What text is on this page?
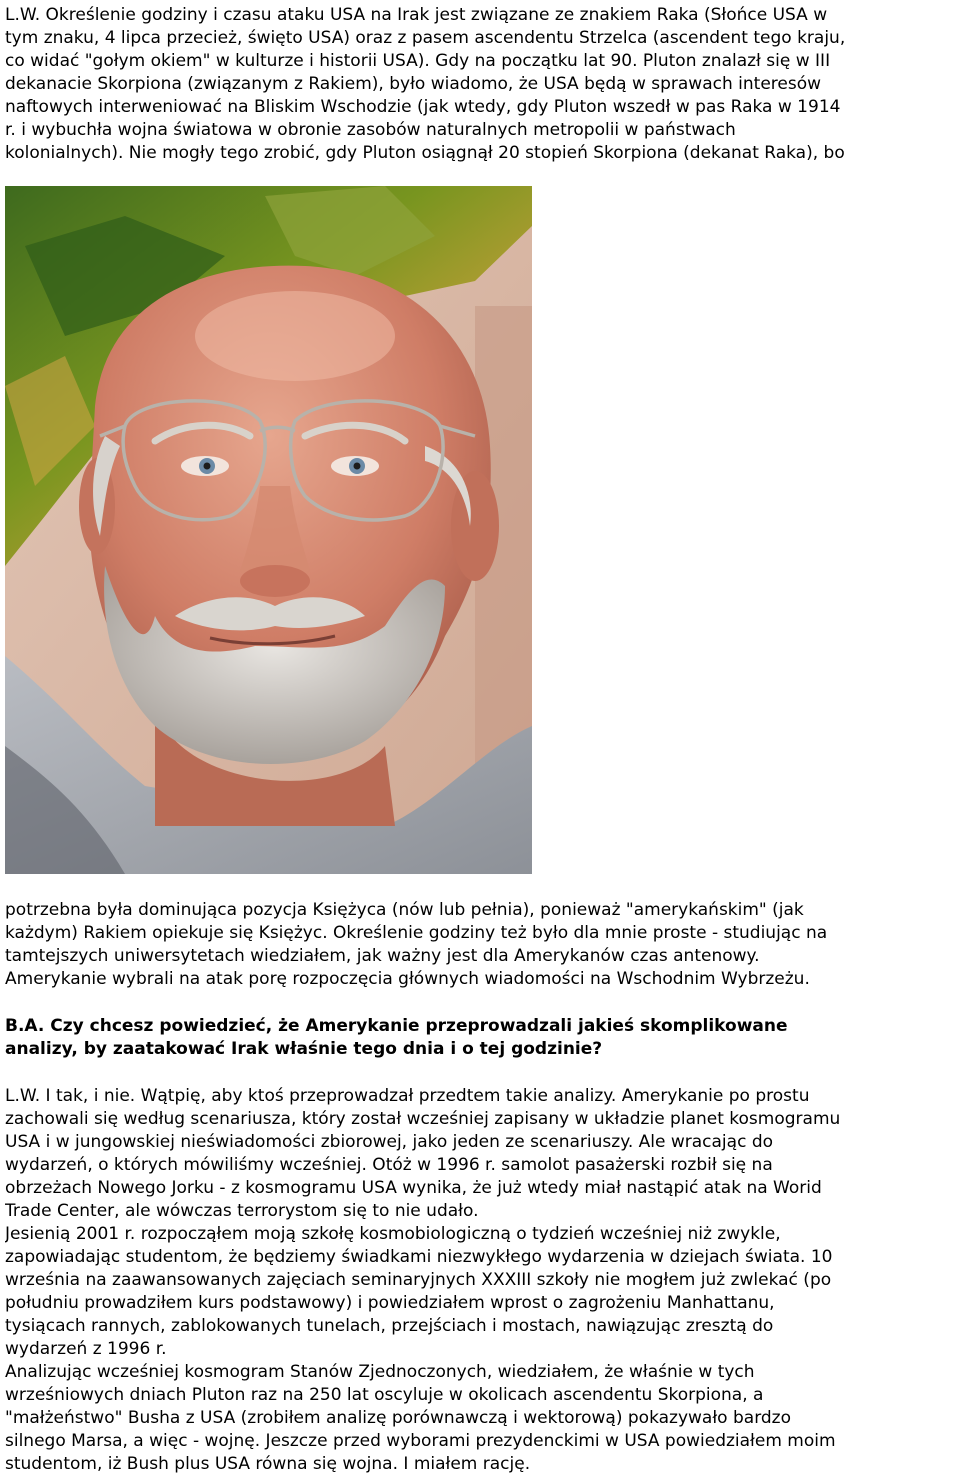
L.W. Określenie godziny i czasu ataku USA na Irak jest związane ze znakiem Raka (Słońce USA w
tym znaku, 4 lipca przecież, święto USA) oraz z pasem ascendentu Strzelca (ascendent tego kraju,
co widać "gołym okiem" w kulturze i historii USA). Gdy na początku lat 90. Pluton znalazł się w III
dekanacie Skorpiona (związanym z Rakiem), było wiadomo, że USA będą w sprawach interesów
naftowych interweniować na Bliskim Wschodzie (jak wtedy, gdy Pluton wszedł w pas Raka w 1914
r. i wybuchła wojna światowa w obronie zasobów naturalnych metropolii w państwach
kolonialnych). Nie mogły tego zrobić, gdy Pluton osiągnął 20 stopień Skorpiona (dekanat Raka), bo
potrzebna była dominująca pozycja Księżyca (nów lub pełnia), ponieważ "amerykańskim" (jak
każdym) Rakiem opiekuje się Księżyc. Określenie godziny też było dla mnie proste - studiując na
tamtejszych uniwersytetach wiedziałem, jak ważny jest dla Amerykanów czas antenowy.
Amerykanie wybrali na atak porę rozpoczęcia głównych wiadomości na Wschodnim Wybrzeżu.
B.A. Czy chcesz powiedzieć, że Amerykanie przeprowadzali jakieś skomplikowane
analizy, by zaatakować Irak właśnie tego dnia i o tej godzinie?
L.W. I tak, i nie. Wątpię, aby ktoś przeprowadzał przedtem takie analizy. Amerykanie po prostu
zachowali się według scenariusza, który został wcześniej zapisany w układzie planet kosmogramu
USA i w jungowskiej nieświadomości zbiorowej, jako jeden ze scenariuszy. Ale wracając do
wydarzeń, o których mówiliśmy wcześniej. Otóż w 1996 r. samolot pasażerski rozbił się na
obrzeżach Nowego Jorku - z kosmogramu USA wynika, że już wtedy miał nastąpić atak na Worid
Trade Center, ale wówczas terrorystom się to nie udało.
Jesienią 2001 r. rozpocząłem moją szkołę kosmobiologiczną o tydzień wcześniej niż zwykle,
zapowiadając studentom, że będziemy świadkami niezwykłego wydarzenia w dziejach świata. 10
września na zaawansowanych zajęciach seminaryjnych XXXIII szkoły nie mogłem już zwlekać (po
południu prowadziłem kurs podstawowy) i powiedziałem wprost o zagrożeniu Manhattanu,
tysiącach rannych, zablokowanych tunelach, przejściach i mostach, nawiązując zresztą do
wydarzeń z 1996 r.
Analizując wcześniej kosmogram Stanów Zjednoczonych, wiedziałem, że właśnie w tych
wrześniowych dniach Pluton raz na 250 lat oscyluje w okolicach ascendentu Skorpiona, a
"małżeństwo" Busha z USA (zrobiłem analizę porównawczą i wektorową) pokazywało bardzo
silnego Marsa, a więc - wojnę. Jeszcze przed wyborami prezydenckimi w USA powiedziałem moim
studentom, iż Bush plus USA równa się wojna. I miałem rację.
